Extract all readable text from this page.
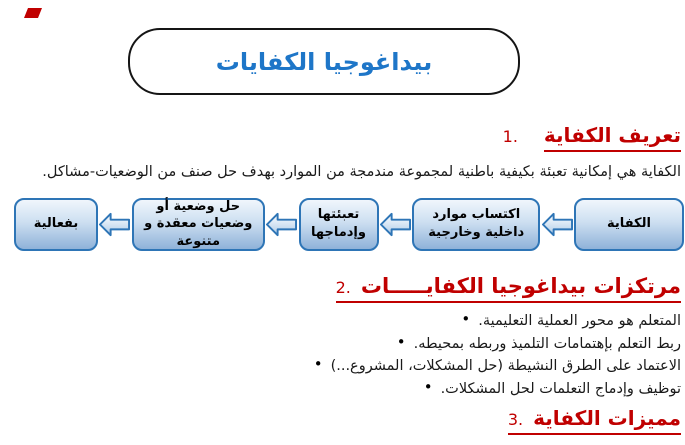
بيداغوجيا الكفايات
1. تعريف الكفاية
الكفاية هي إمكانية تعبئة بكيفية باطنية لمجموعة مندمجة من الموارد بهدف حل صنف من الوضعيات-مشاكل.
بفعالية
حل وضعية أو وضعيات معقدة و متنوعة
تعبئتها وإدماجها
اكتساب موارد داخلية وخارجية
الكفاية
2. مرتكزات بيداغوجيا الكفايـــــات
• المتعلم هو محور العملية التعليمية.
• ربط التعلم بإهتمامات التلميذ وربطه بمحيطه.
• الاعتماد على الطرق النشيطة (حل المشكلات، المشروع...)
• توظيف وإدماج التعلمات لحل المشكلات.
3. مميزات الكفاية
